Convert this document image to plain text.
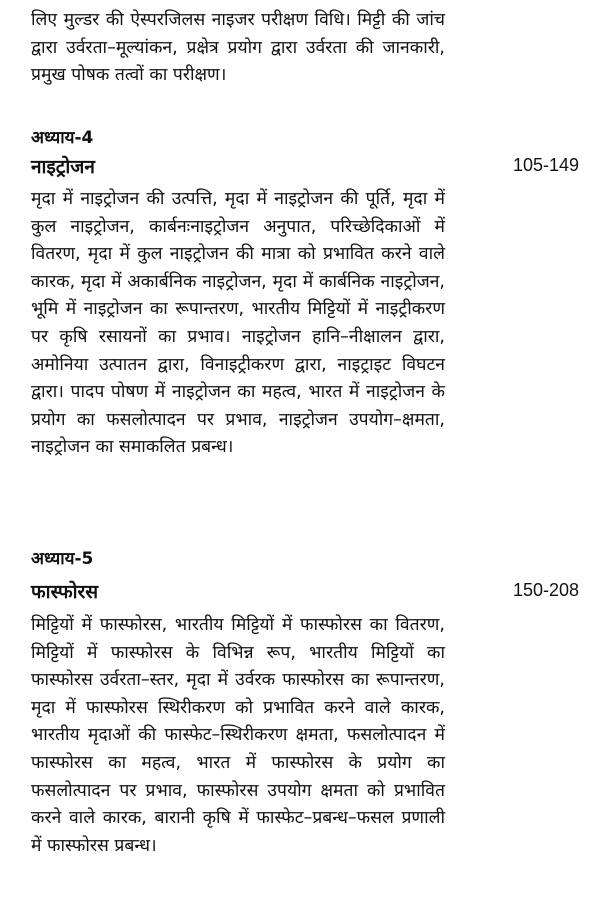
लिए मुल्डर की ऐस्परजिलस नाइजर परीक्षण विधि। मिट्टी की जांच द्वारा उर्वरता–मूल्यांकन, प्रक्षेत्र प्रयोग द्वारा उर्वरता की जानकारी, प्रमुख पोषक तत्वों का परीक्षण।

अध्याय-4

नाइट्रोजन	105-149

मृदा में नाइट्रोजन की उत्पत्ति, मृदा में नाइट्रोजन की पूर्ति, मृदा में कुल नाइट्रोजन, कार्बनःनाइट्रोजन अनुपात, परिच्छेदिकाओं में वितरण, मृदा में कुल नाइट्रोजन की मात्रा को प्रभावित करने वाले कारक, मृदा में अकार्बनिक नाइट्रोजन, मृदा में कार्बनिक नाइट्रोजन, भूमि में नाइट्रोजन का रूपान्तरण, भारतीय मिट्टियों में नाइट्रीकरण पर कृषि रसायनों का प्रभाव। नाइट्रोजन हानि–नीक्षालन द्वारा, अमोनिया उत्पातन द्वारा, विनाइट्रीकरण द्वारा, नाइट्राइट विघटन द्वारा। पादप पोषण में नाइट्रोजन का महत्व, भारत में नाइट्रोजन के प्रयोग का फसलोत्पादन पर प्रभाव, नाइट्रोजन उपयोग–क्षमता, नाइट्रोजन का समाकलित प्रबन्ध।

अध्याय-5

फास्फोरस	150-208

मिट्टियों में फास्फोरस, भारतीय मिट्टियों में फास्फोरस का वितरण, मिट्टियों में फास्फोरस के विभिन्न रूप, भारतीय मिट्टियों का फास्फोरस उर्वरता–स्तर, मृदा में उर्वरक फास्फोरस का रूपान्तरण, मृदा में फास्फोरस स्थिरीकरण को प्रभावित करने वाले कारक, भारतीय मृदाओं की फास्फेट–स्थिरीकरण क्षमता, फसलोत्पादन में फास्फोरस का महत्व, भारत में फास्फोरस के प्रयोग का फसलोत्पादन पर प्रभाव, फास्फोरस उपयोग क्षमता को प्रभावित करने वाले कारक, बारानी कृषि में फास्फेट–प्रबन्ध–फसल प्रणाली में फास्फोरस प्रबन्ध।
